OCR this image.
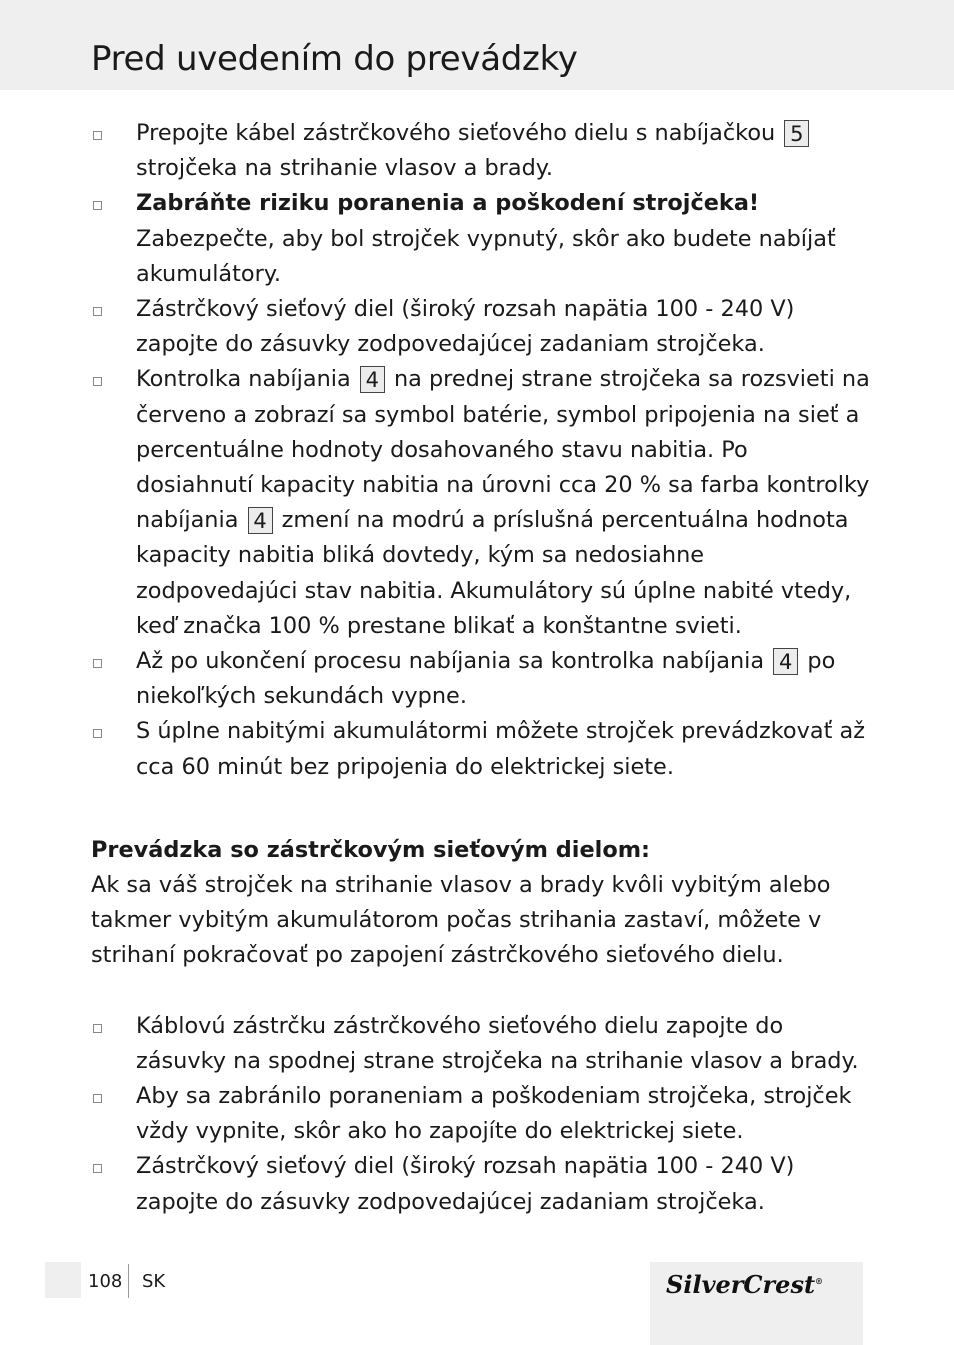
Pred uvedením do prevádzky
Prepojte kábel zástrčkového sieťového dielu s nabíjačkou 5 strojčeka na strihanie vlasov a brady.
Zabráňte riziku poranenia a poškodení strojčeka! Zabezpečte, aby bol strojček vypnutý, skôr ako budete nabíjať akumulátory.
Zástrčkový sieťový diel (široký rozsah napätia 100 - 240 V) zapojte do zásuvky zodpovedajúcej zadaniam strojčeka.
Kontrolka nabíjania 4 na prednej strane strojčeka sa rozsvieti na červeno a zobrazí sa symbol batérie, symbol pripojenia na sieť a percentuálne hodnoty dosahovaného stavu nabitia. Po dosiahnutí kapacity nabitia na úrovni cca 20 % sa farba kontrolky nabíjania 4 zmení na modrú a príslušná percentuálna hodnota kapacity nabitia bliká dovtedy, kým sa nedosiahne zodpovedajúci stav nabitia. Akumulátory sú úplne nabité vtedy, keď značka 100 % prestane blikať a konštantne svieti.
Až po ukončení procesu nabíjania sa kontrolka nabíjania 4 po niekoľkých sekundách vypne.
S úplne nabitými akumulátormi môžete strojček prevádzkovať až cca 60 minút bez pripojenia do elektrickej siete.
Prevádzka so zástrčkovým sieťovým dielom:

Ak sa váš strojček na strihanie vlasov a brady kvôli vybitým alebo takmer vybitým akumulátorom počas strihania zastaví, môžete v strihaní pokračovať po zapojení zástrčkového sieťového dielu.

Káblovú zástrčku zástrčkového sieťového dielu zapojte do zásuvky na spodnej strane strojčeka na strihanie vlasov a brady.
Aby sa zabránilo poraneniam a poškodeniam strojčeka, strojček vždy vypnite, skôr ako ho zapojíte do elektrickej siete.
Zástrčkový sieťový diel (široký rozsah napätia 100 - 240 V) zapojte do zásuvky zodpovedajúcej zadaniam strojčeka.
108 SK	SilverCrest®
